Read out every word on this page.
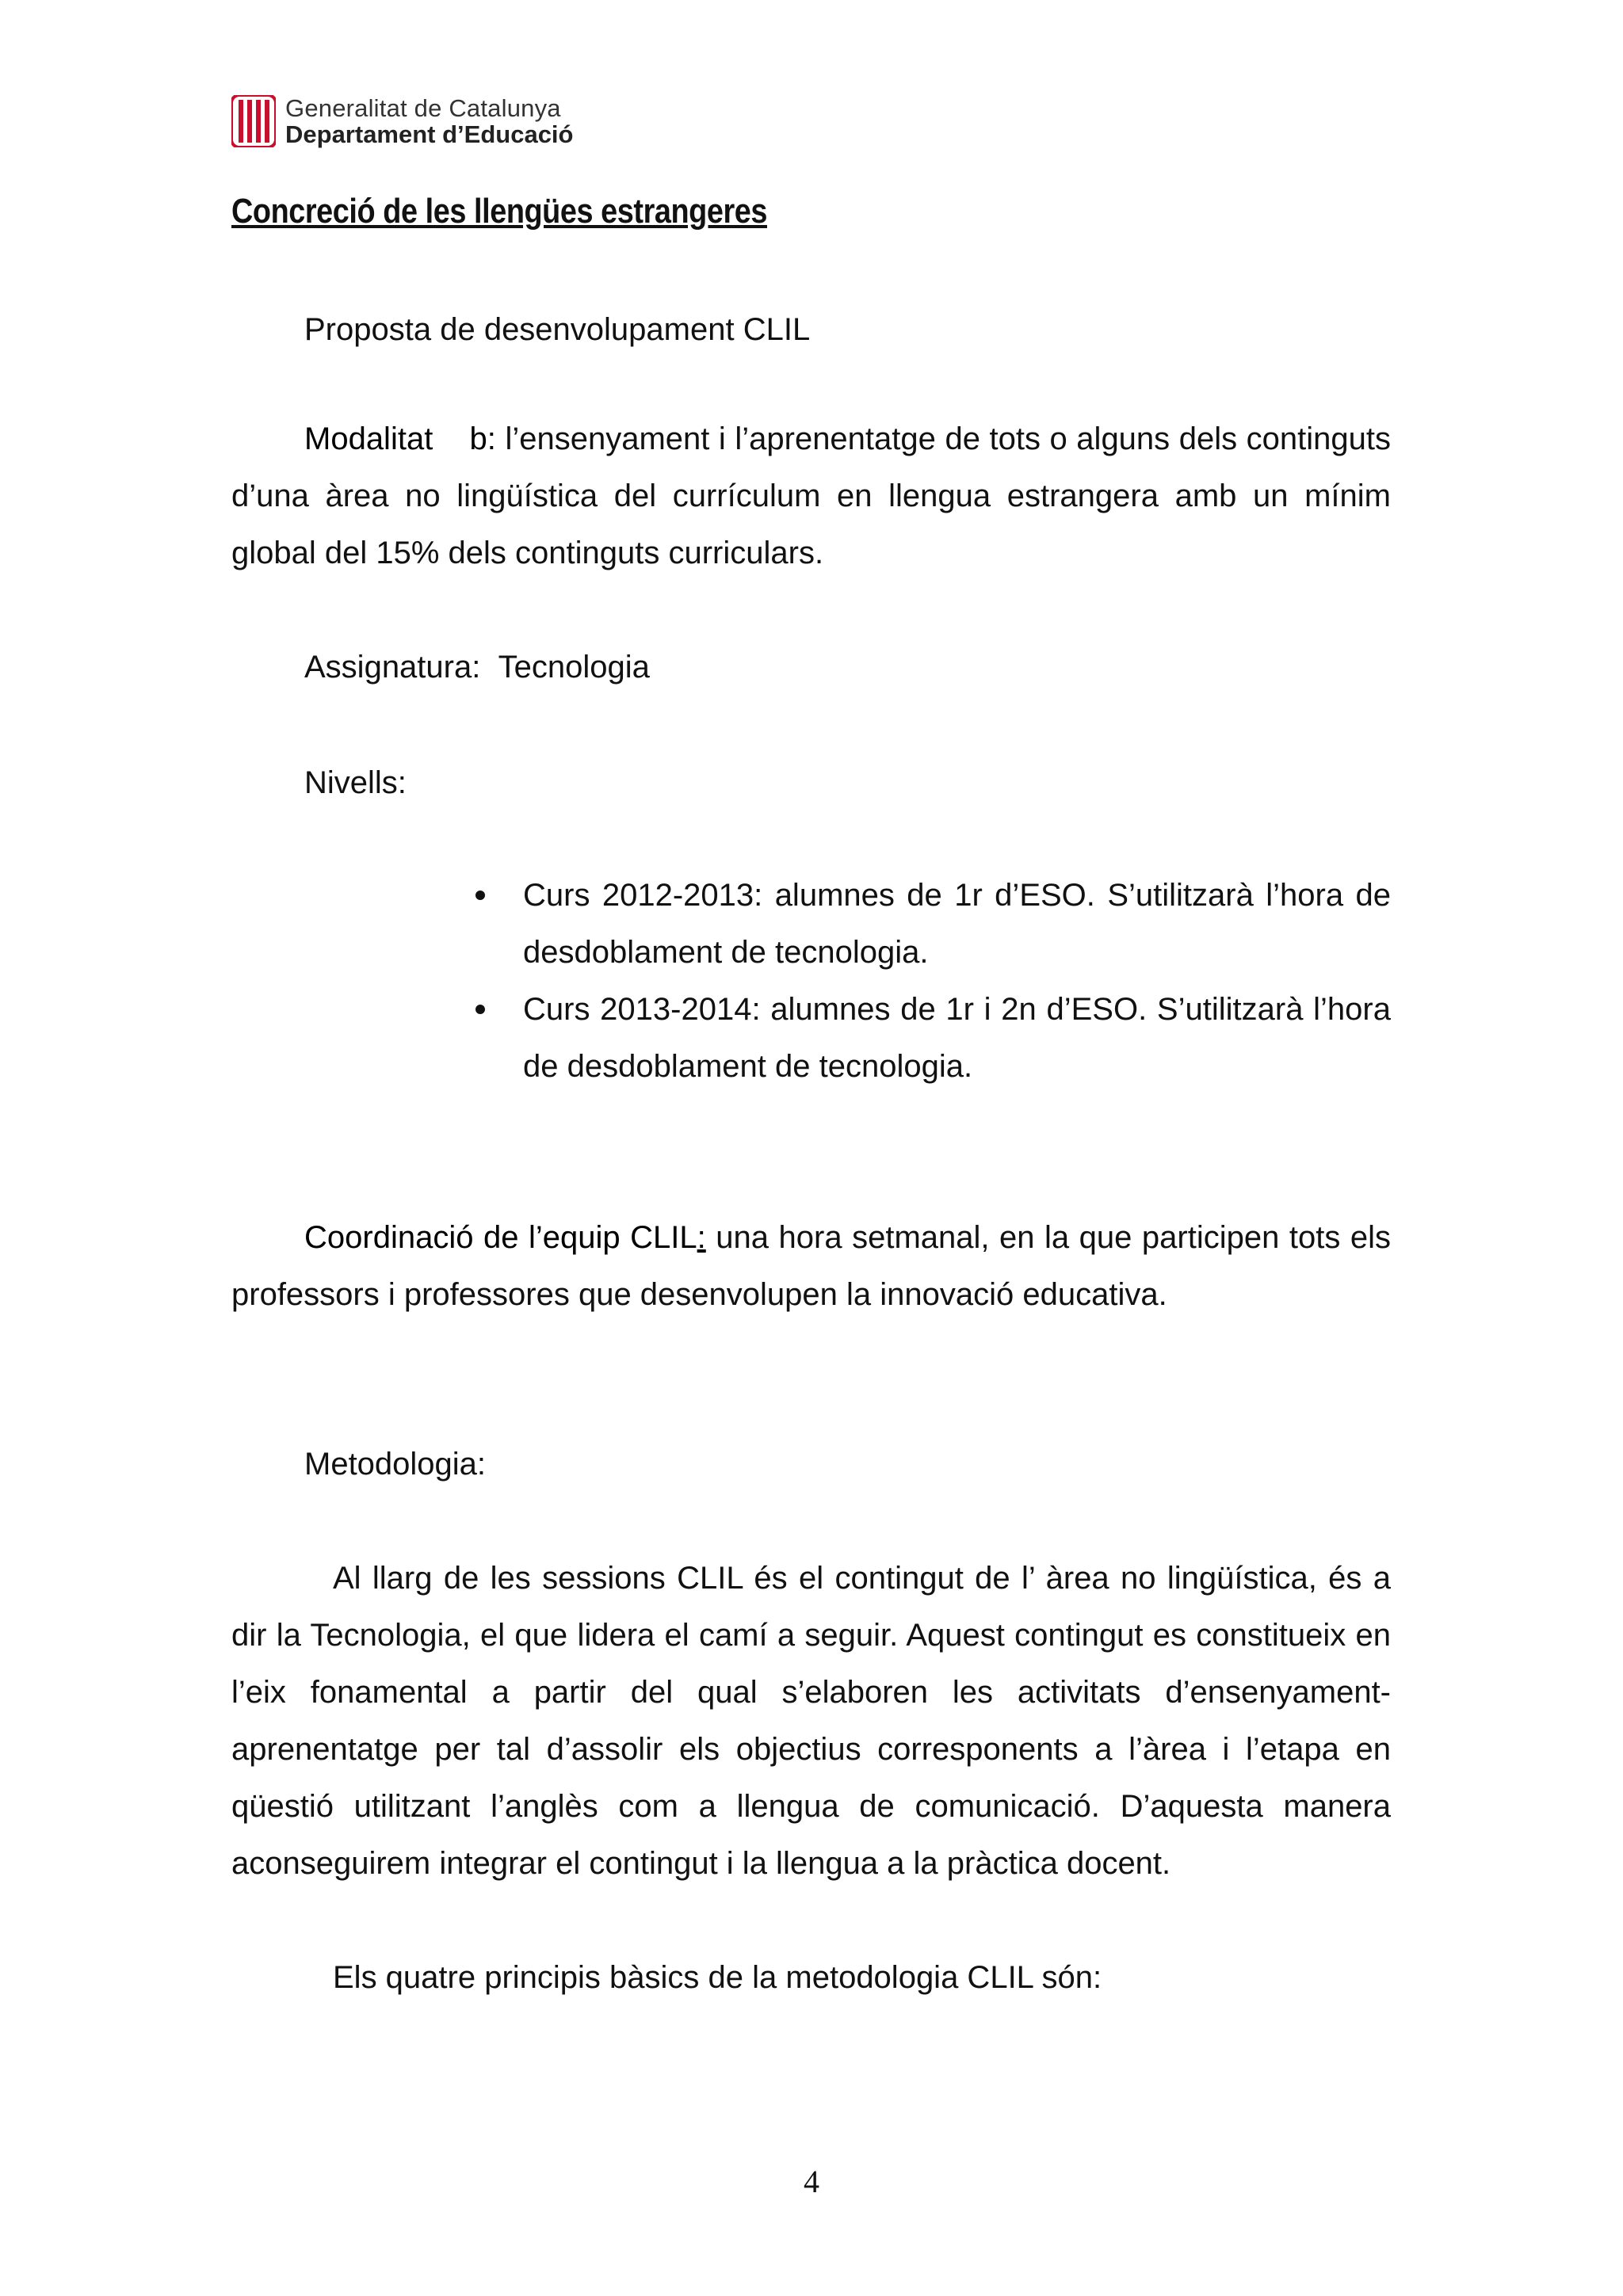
Generalitat de Catalunya
Departament d’Educació
Concreció de les llengües estrangeres
Proposta de desenvolupament CLIL
Modalitat b: l’ensenyament i l’aprenentatge de tots o alguns dels continguts d’una àrea no lingüística del currículum en llengua estrangera amb un mínim global del 15% dels continguts curriculars.
Assignatura: Tecnologia
Nivells:
Curs 2012-2013: alumnes de 1r d’ESO. S’utilitzarà l’hora de desdoblament de tecnologia.
Curs 2013-2014: alumnes de 1r i 2n d’ESO. S’utilitzarà l’hora de desdoblament de tecnologia.
Coordinació de l’equip CLIL: una hora setmanal, en la que participen tots els professors i professores que desenvolupen la innovació educativa.
Metodologia:
Al llarg de les sessions CLIL és el contingut de l’ àrea no lingüística, és a dir la Tecnologia, el que lidera el camí a seguir. Aquest contingut es constitueix en l’eix fonamental a partir del qual s’elaboren les activitats d’ensenyament-aprenentatge per tal d’assolir els objectius corresponents a l’àrea i l’etapa en qüestió utilitzant l’anglès com a llengua de comunicació. D’aquesta manera aconseguirem integrar el contingut i la llengua a la pràctica docent.
Els quatre principis bàsics de la metodologia CLIL són:
4
